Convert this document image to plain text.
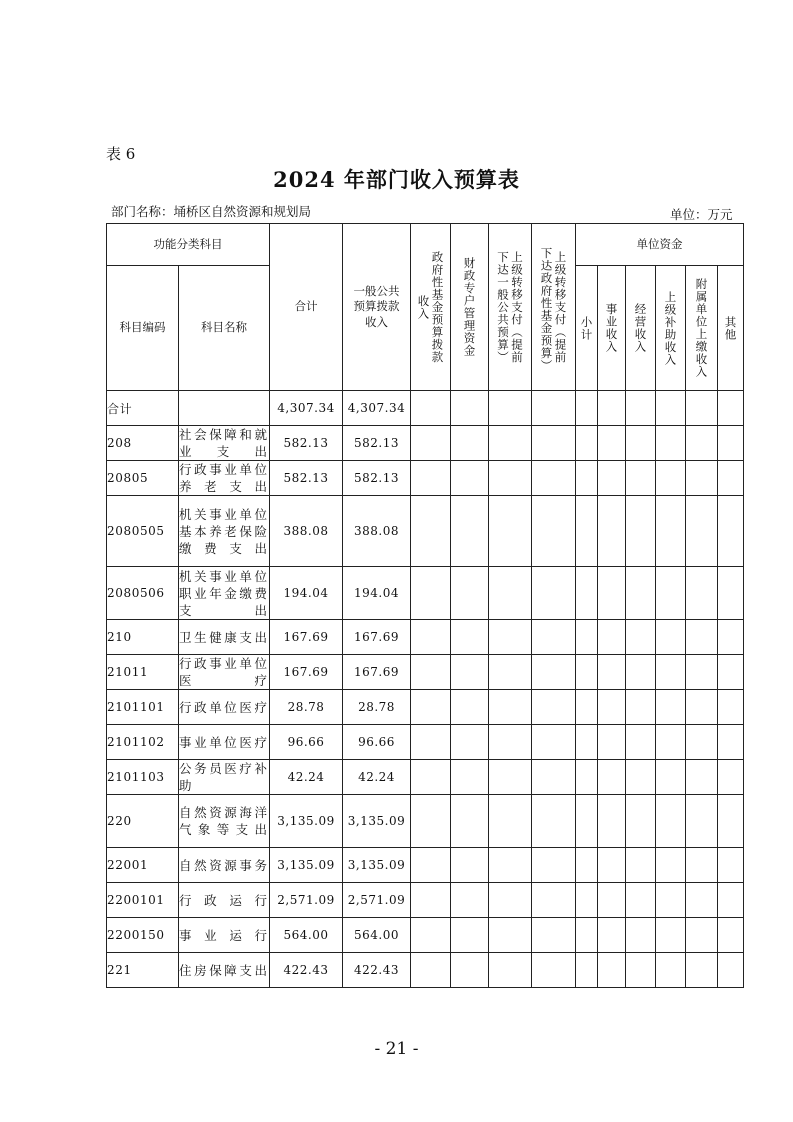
表 6
2024 年部门收入预算表
部门名称：埇桥区自然资源和规划局	单位：万元
功能分类科目		合计	一般公共预算拨款收入	政府性基金预算拨款收入	财政专户管理资金	上级转移支付（提前下达一般公共预算）	上级转移支付（提前下达政府性基金预算）	单位资金					
科目编码	科目名称							小计	事业收入	经营收入	上级补助收入	附属单位上缴收入	其他

合计		4,307.34	4,307.34										
208	社会保障和就业支出	582.13	582.13										
20805	行政事业单位养老支出	582.13	582.13										
2080505	机关事业单位基本养老保险缴费支出	388.08	388.08										
2080506	机关事业单位职业年金缴费支出	194.04	194.04										
210	卫生健康支出	167.69	167.69										
21011	行政事业单位医疗	167.69	167.69										
2101101	行政单位医疗	28.78	28.78										
2101102	事业单位医疗	96.66	96.66										
2101103	公务员医疗补助	42.24	42.24										
220	自然资源海洋气象等支出	3,135.09	3,135.09										
22001	自然资源事务	3,135.09	3,135.09										
2200101	行政运行	2,571.09	2,571.09										
2200150	事业运行	564.00	564.00										
221	住房保障支出	422.43	422.43										
- 21 -
